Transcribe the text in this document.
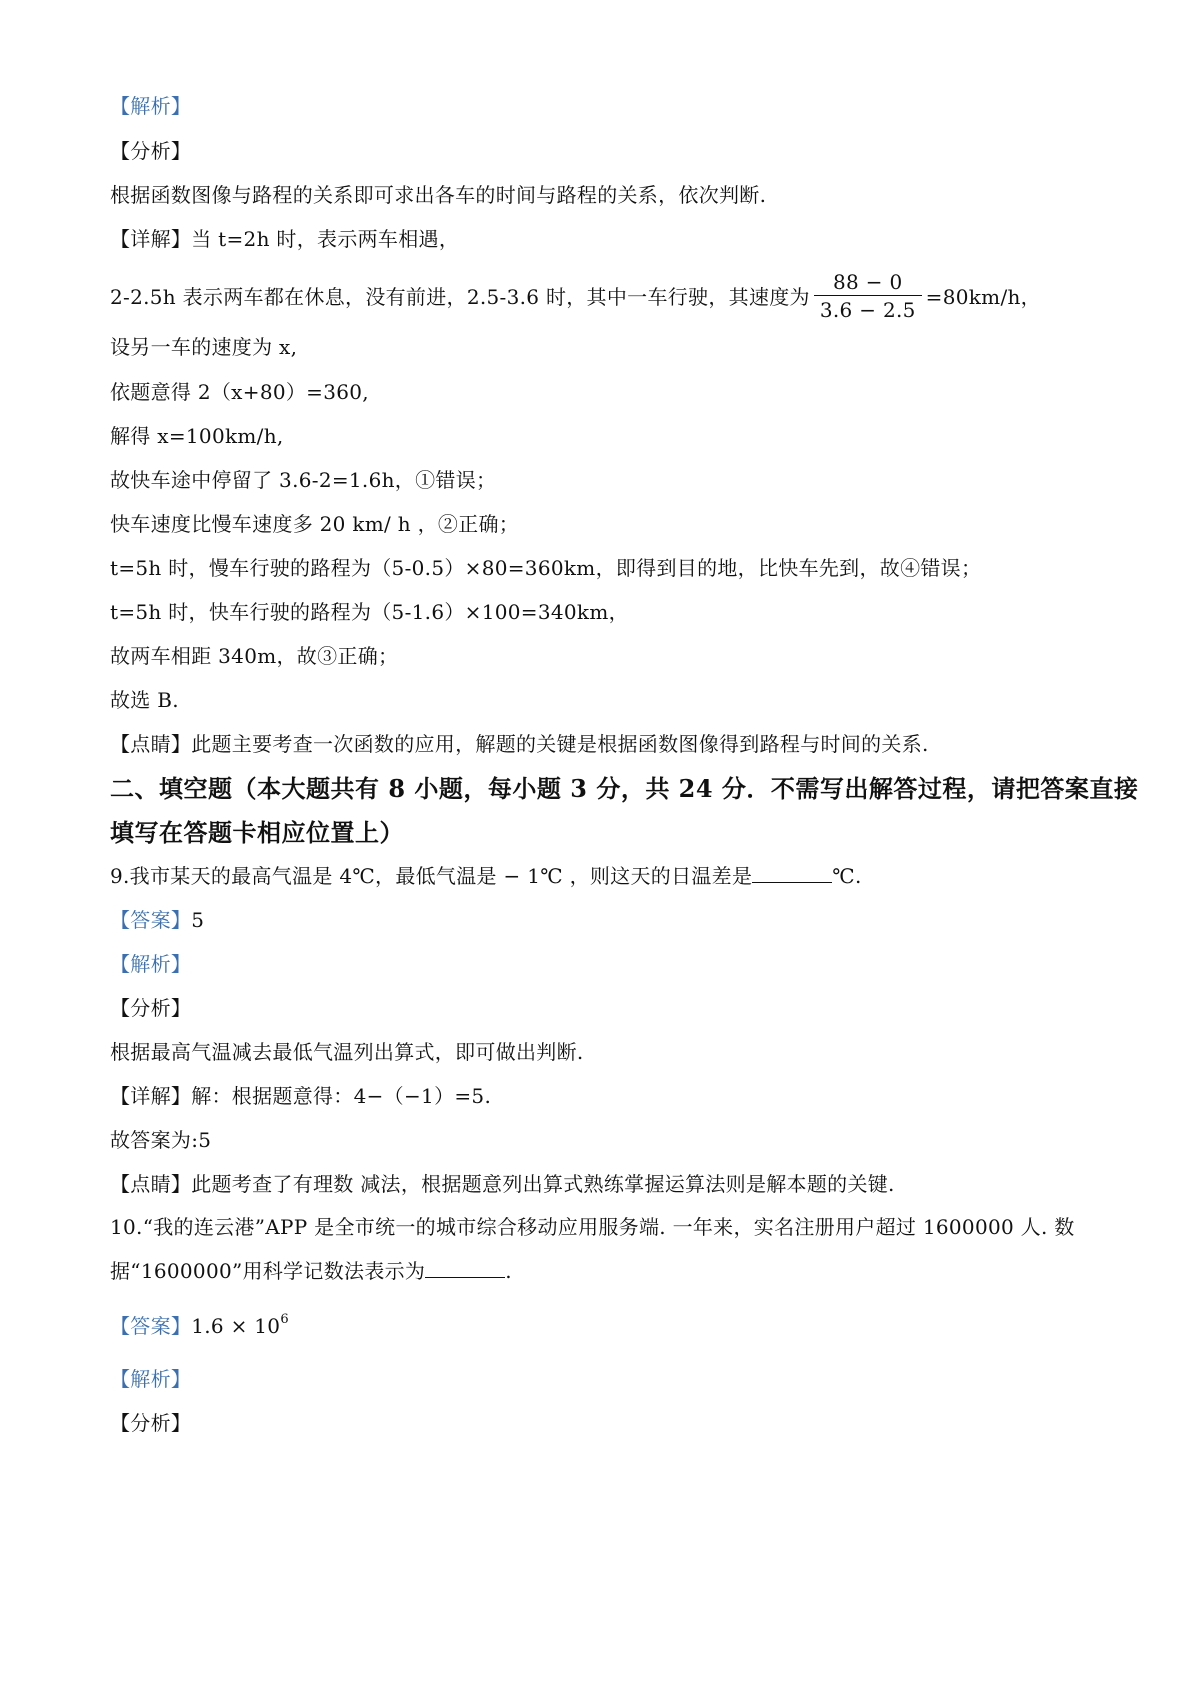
【解析】
【分析】
根据函数图像与路程的关系即可求出各车的时间与路程的关系，依次判断.
【详解】当 t=2h 时，表示两车相遇，
2-2.5h 表示两车都在休息，没有前进，2.5-3.6 时，其中一车行驶，其速度为 $\frac{88 - 0}{3.6 - 2.5} =80km/h$，
设另一车的速度为 x,
依题意得 2（x+80）=360,
解得 x=100km/h,
故快车途中停留了 3.6-2=1.6h，①错误；
快车速度比慢车速度多 20 km/ h ，②正确；
t=5h 时，慢车行驶的路程为（5-0.5）×80=360km，即得到目的地，比快车先到，故④错误；
t=5h 时，快车行驶的路程为（5-1.6）×100=340km，
故两车相距 340m，故③正确；
故选 B.
【点睛】此题主要考查一次函数的应用，解题的关键是根据函数图像得到路程与时间的关系.
二、填空题（本大题共有 8 小题，每小题 3 分，共 24 分．不需写出解答过程，请把答案直接
填写在答题卡相应位置上）
9.我市某天的最高气温是 4℃，最低气温是 − 1℃ ，则这天的日温差是	℃.
【答案】5
【解析】
【分析】
根据最高气温减去最低气温列出算式，即可做出判断.
【详解】解：根据题意得：4−（−1）=5.
故答案为:5
【点睛】此题考查了有理数 减法，根据题意列出算式熟练掌握运算法则是解本题的关键.
10.“我的连云港”APP 是全市统一的城市综合移动应用服务端. 一年来，实名注册用户超过 1600000 人. 数
据“1600000”用科学记数法表示为	.
【答案】$1.6 \times 10^6$
【解析】
【分析】
